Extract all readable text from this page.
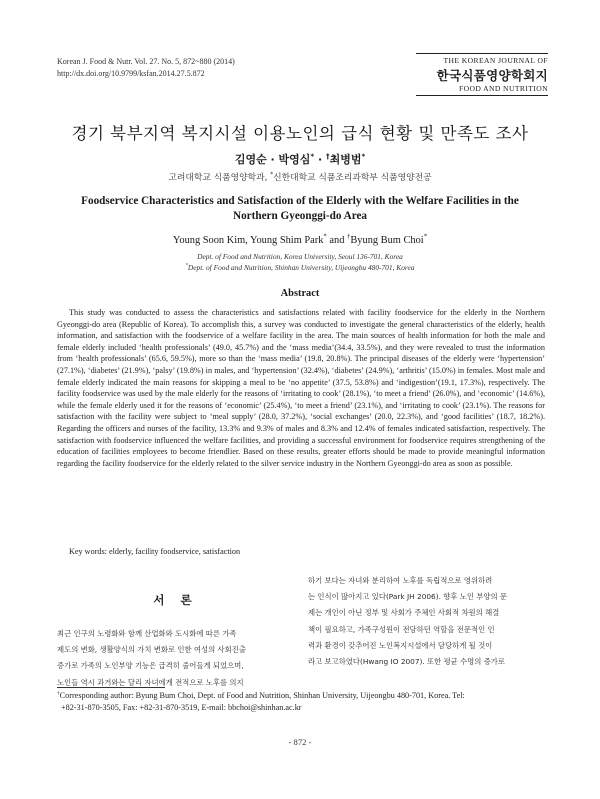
Korean J. Food & Nutr. Vol. 27. No. 5, 872~880 (2014)
http://dx.doi.org/10.9799/ksfan.2014.27.5.872
THE KOREAN JOURNAL OF
한국식품영양학회지
FOOD AND NUTRITION
경기 북부지역 복지시설 이용노인의 급식 현황 및 만족도 조사
김영순 · 박영심* · †최병범*
고려대학교 식품영양학과, *신한대학교 식품조리과학부 식품영양전공
Foodservice Characteristics and Satisfaction of the Elderly with the Welfare Facilities in the Northern Gyeonggi-do Area
Young Soon Kim, Young Shim Park* and †Byung Bum Choi*
Dept. of Food and Nutrition, Korea University, Seoul 136-701, Korea
*Dept. of Food and Nutrition, Shinhan University, Uijeongbu 480-701, Korea
Abstract

This study was conducted to assess the characteristics and satisfactions related with facility foodservice for the elderly in the Northern Gyeonggi-do area (Republic of Korea). To accomplish this, a survey was conducted to investigate the general characteristics of the elderly, health information, and satisfaction with the foodservice of a welfare facility in the area. The main sources of health information for both the male and female elderly included ‘health professionals’ (49.0, 45.7%) and the ‘mass media’(34.4, 33.5%), and they were revealed to trust the information from ‘health professionals’ (65.6, 59.5%), more so than the ‘mass media’ (19.8, 20.8%). The principal diseases of the elderly were ‘hypertension’ (27.1%), ‘diabetes’ (21.9%), ‘palsy’ (19.8%) in males, and ‘hypertension’ (32.4%), ‘diabetes’ (24.9%), ‘arthritis’ (15.0%) in females. Most male and female elderly indicated the main reasons for skipping a meal to be ‘no appetite’ (37.5, 53.8%) and ‘indigestion’(19.1, 17.3%), respectively. The facility foodservice was used by the male elderly for the reasons of ‘irritating to cook’ (28.1%), ‘to meet a friend’ (26.0%), and ‘economic’ (14.6%), while the female elderly used it for the reasons of ‘economic’ (25.4%), ‘to meet a friend’ (23.1%), and ‘irritating to cook’ (23.1%). The reasons for satisfaction with the facility were subject to ‘meal supply’ (28.0, 37.2%), ‘social exchanges’ (20.0, 22.3%), and ‘good facilities’ (18.7, 18.2%). Regarding the officers and nurses of the facility, 13.3% and 9.3% of males and 8.3% and 12.4% of females indicated satisfaction, respectively. The satisfaction with foodservice influenced the welfare facilities, and providing a successful environment for foodservice requires strengthening of the education of facilities employees to become friendlier. Based on these results, greater efforts should be made to provide meaningful information regarding the facility foodservice for the elderly related to the silver service industry in the Northern Gyeonggi-do area as soon as possible.

Key words: elderly, facility foodservice, satisfaction
서 론

최근 인구의 노령화와 함께 산업화와 도시화에 따른 가족

제도의 변화, 생활양식의 가치 변화로 인한 여성의 사회진출

증가로 가족의 노인부양 기능은 급격히 줄어들게 되었으며,

노인들 역시 과거와는 달리 자녀에게 전적으로 노후를 의지

하기 보다는 자녀와 분리하여 노후를 독립적으로 영위하려

는 인식이 많아지고 있다(Park JH 2006). 향후 노인 부양의 문

제는 개인이 아닌 정부 및 사회가 주체인 사회적 차원의 해결

책이 필요하고, 가족구성원이 전담하던 역할을 전문적인 인

력과 환경이 갖추어진 노인복지시설에서 담당하게 될 것이

라고 보고하였다(Hwang IO 2007). 또한 평균 수명의 증가로

†Corresponding author: Byung Bum Choi, Dept. of Food and Nutrition, Shinhan University, Uijeongbu 480-701, Korea. Tel:
+82-31-870-3505, Fax: +82-31-870-3519, E-mail: bbchoi@shinhan.ac.kr
- 872 -
